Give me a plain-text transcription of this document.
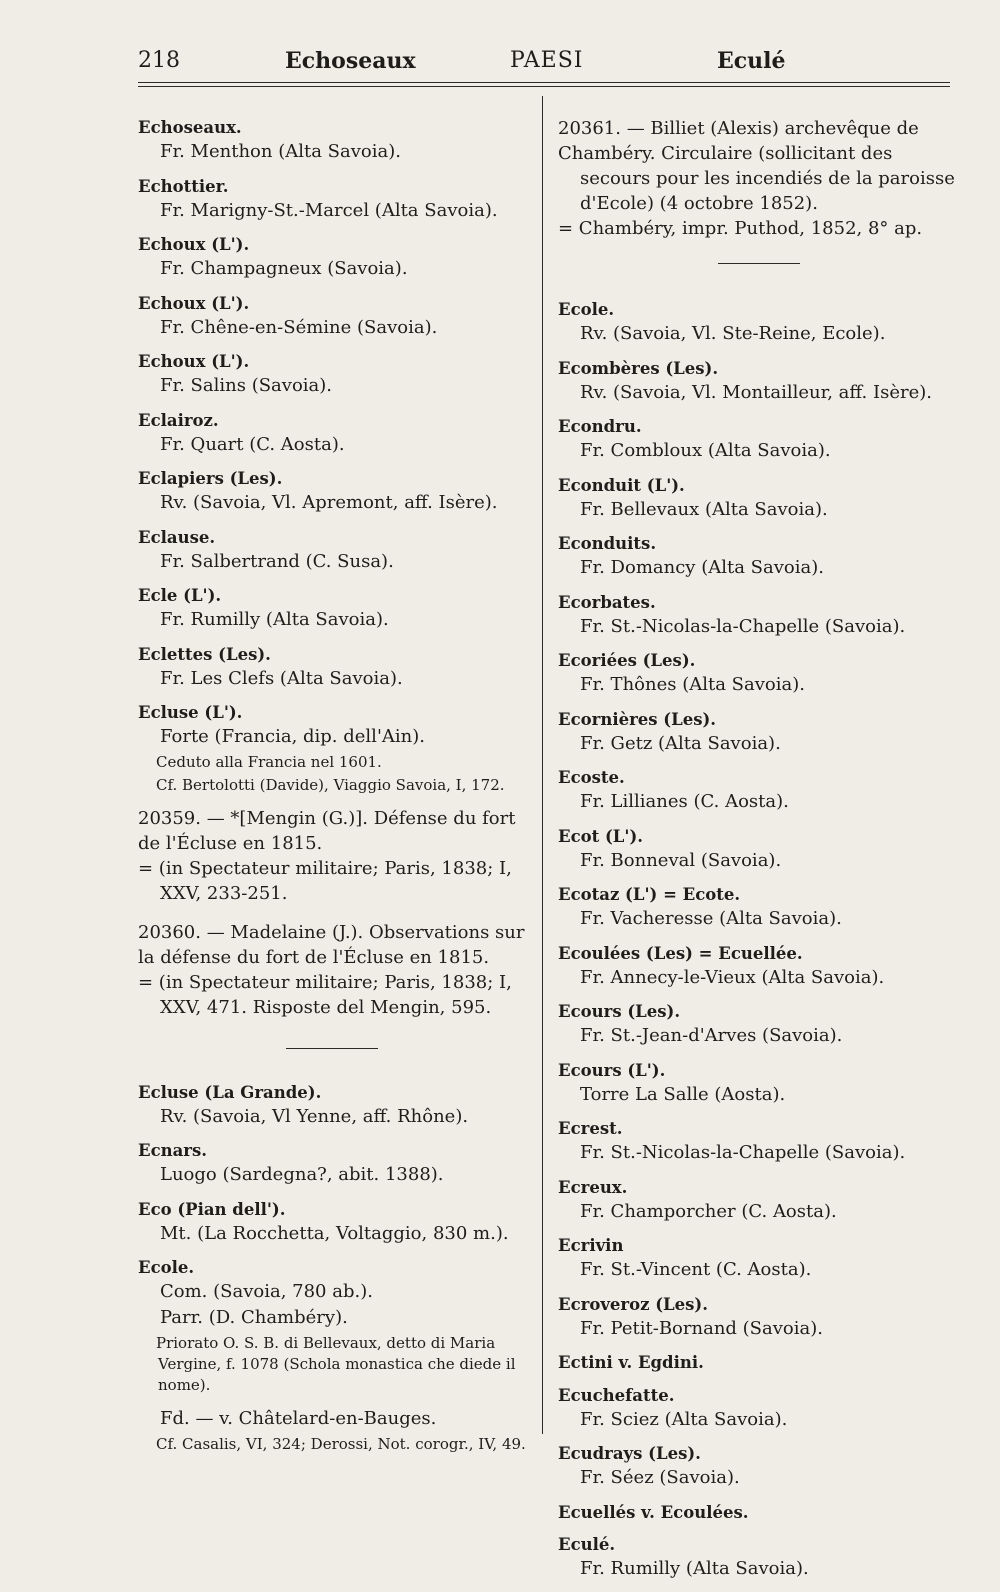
218	Echoseaux	PAESI	Eculé
Echoseaux.
Fr. Menthon (Alta Savoia).
Echottier.
Fr. Marigny-St.-Marcel (Alta Savoia).
Echoux (L').
Fr. Champagneux (Savoia).
Echoux (L').
Fr. Chêne-en-Sémine (Savoia).
Echoux (L').
Fr. Salins (Savoia).
Eclairoz.
Fr. Quart (C. Aosta).
Eclapiers (Les).
Rv. (Savoia, Vl. Apremont, aff. Isère).
Eclause.
Fr. Salbertrand (C. Susa).
Ecle (L').
Fr. Rumilly (Alta Savoia).
Eclettes (Les).
Fr. Les Clefs (Alta Savoia).
Ecluse (L').
Forte (Francia, dip. dell'Ain).
Ceduto alla Francia nel 1601.
Cf. Bertolotti (Davide), Viaggio Savoia, I, 172.
20359. — *[Mengin (G.)]. Défense du fort
de l'Écluse en 1815.
= (in Spectateur militaire; Paris, 1838; I, XXV, 233-251.
20360. — Madelaine (J.). Observations sur
la défense du fort de l'Écluse en 1815.
= (in Spectateur militaire; Paris, 1838; I, XXV, 471. Risposte del Mengin, 595.
Ecluse (La Grande).
Rv. (Savoia, Vl Yenne, aff. Rhône).
Ecnars.
Luogo (Sardegna?, abit. 1388).
Eco (Pian dell').
Mt. (La Rocchetta, Voltaggio, 830 m.).
Ecole.
Com. (Savoia, 780 ab.).
Parr. (D. Chambéry).
Priorato O. S. B. di Bellevaux, detto di Maria Vergine, f. 1078 (Schola monastica che diede il nome).
Fd. — v. Châtelard-en-Bauges.
Cf. Casalis, VI, 324; Derossi, Not. corogr., IV, 49.
20361. — Billiet (Alexis) archevêque de
Chambéry. Circulaire (sollicitant des secours pour les incendiés de la paroisse d'Ecole) (4 octobre 1852).
= Chambéry, impr. Puthod, 1852, 8° ap.
Ecole.
Rv. (Savoia, Vl. Ste-Reine, Ecole).
Ecombères (Les).
Rv. (Savoia, Vl. Montailleur, aff. Isère).
Econdru.
Fr. Combloux (Alta Savoia).
Econduit (L').
Fr. Bellevaux (Alta Savoia).
Econduits.
Fr. Domancy (Alta Savoia).
Ecorbates.
Fr. St.-Nicolas-la-Chapelle (Savoia).
Ecoriées (Les).
Fr. Thônes (Alta Savoia).
Ecornières (Les).
Fr. Getz (Alta Savoia).
Ecoste.
Fr. Lillianes (C. Aosta).
Ecot (L').
Fr. Bonneval (Savoia).
Ecotaz (L') = Ecote.
Fr. Vacheresse (Alta Savoia).
Ecoulées (Les) = Ecuellée.
Fr. Annecy-le-Vieux (Alta Savoia).
Ecours (Les).
Fr. St.-Jean-d'Arves (Savoia).
Ecours (L').
Torre La Salle (Aosta).
Ecrest.
Fr. St.-Nicolas-la-Chapelle (Savoia).
Ecreux.
Fr. Champorcher (C. Aosta).
Ecrivin
Fr. St.-Vincent (C. Aosta).
Ecroveroz (Les).
Fr. Petit-Bornand (Savoia).
Ectini v. Egdini.
Ecuchefatte.
Fr. Sciez (Alta Savoia).
Ecudrays (Les).
Fr. Séez (Savoia).
Ecuellés v. Ecoulées.
Eculé.
Fr. Rumilly (Alta Savoia).
